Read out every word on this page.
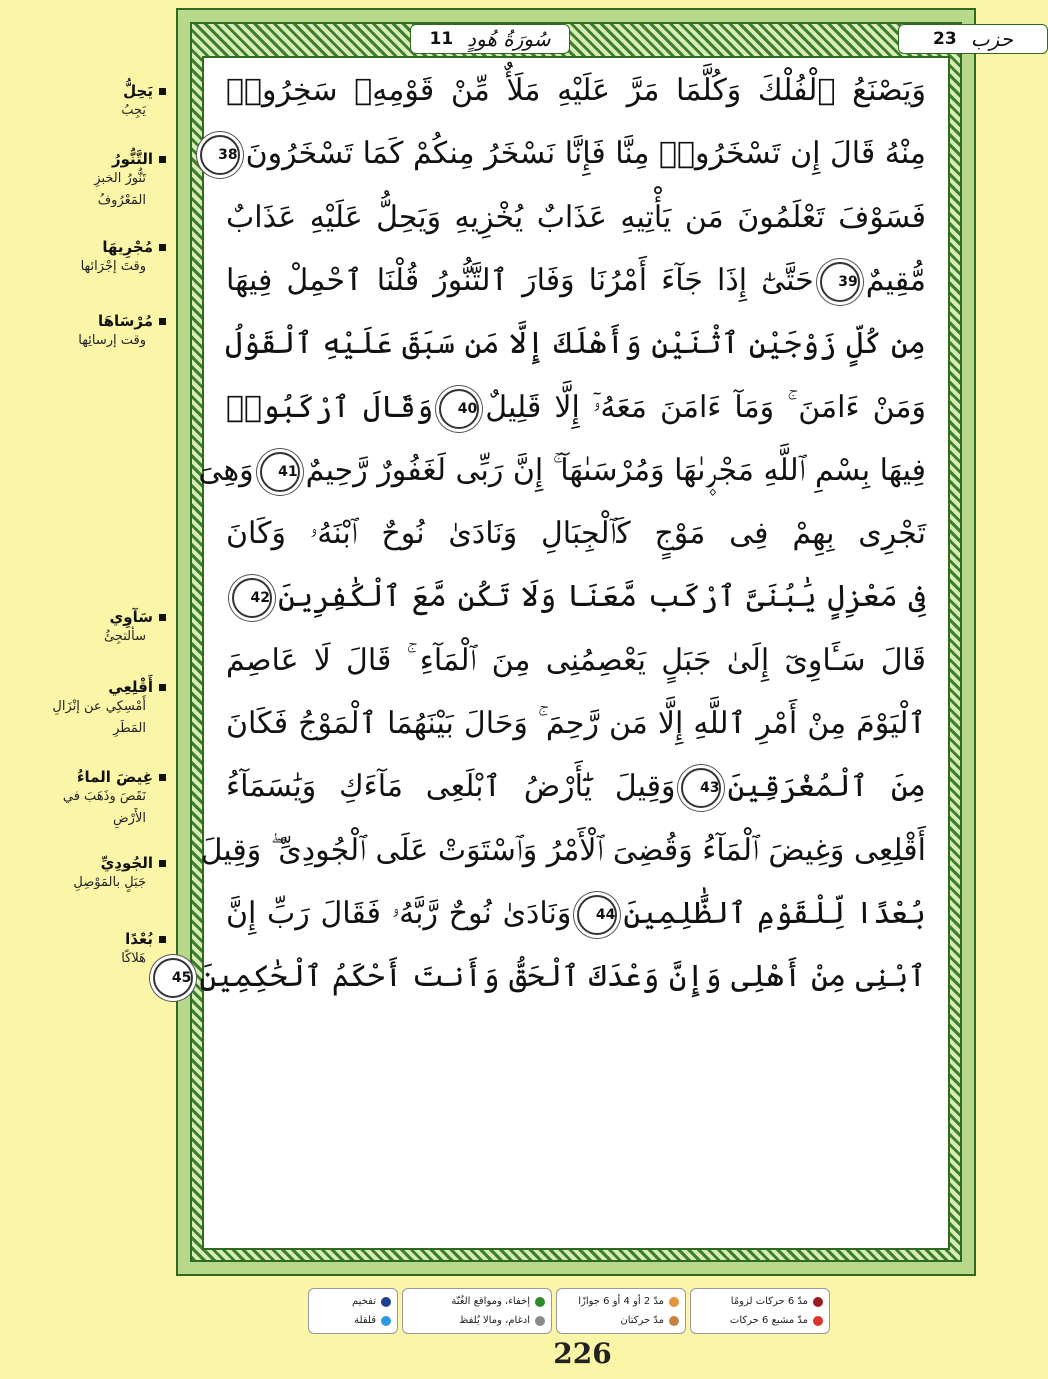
يَحِلُّ
يَجِبُ
التَّنُّورُ
تَنُّورُ الخبزِ
المَعْرُوفُ
مُجْرِيهَا
وقتَ إجْرَائها
مُرْسَاهَا
وقت إرسائِها
سَآوِي
سألتجِئُ
أَقْلِعِي
أَمْسِكِي عن إنْزَالِ
المَطَرِ
غِيضَ الماءُ
نَقَصَ وذَهَبَ في
الأَرْضِ
الجُودِيِّ
جَبَلٍ بالمَوْصِلِ
بُعْدًا
هَلاكًا
وَيَصْنَعُ ٱلْفُلْكَ وَكُلَّمَا مَرَّ عَلَيْهِ مَلَأٌ مِّنْ قَوْمِهِۦ سَخِرُوا۟
مِنْهُ قَالَ إِن تَسْخَرُوا۟ مِنَّا فَإِنَّا نَسْخَرُ مِنكُمْ كَمَا تَسْخَرُونَ38
فَسَوْفَ تَعْلَمُونَ مَن يَأْتِيهِ عَذَابٌ يُخْزِيهِ وَيَحِلُّ عَلَيْهِ عَذَابٌ
مُّقِيمٌ39حَتَّىٰٓ إِذَا جَآءَ أَمْرُنَا وَفَارَ ٱلتَّنُّورُ قُلْنَا ٱحْمِلْ فِيهَا
مِن كُلٍّ زَوْجَيْنِ ٱثْنَيْنِ وَأَهْلَكَ إِلَّا مَن سَبَقَ عَلَيْهِ ٱلْقَوْلُ
وَمَنْ ءَامَنَ ۚ وَمَآ ءَامَنَ مَعَهُۥٓ إِلَّا قَلِيلٌ40وَقَالَ ٱرْكَبُوا۟
فِيهَا بِسْمِ ٱللَّهِ مَجْر۪ىٰهَا وَمُرْسَىٰهَآ ۚ إِنَّ رَبِّى لَغَفُورٌ رَّحِيمٌ41وَهِىَ
تَجْرِى بِهِمْ فِى مَوْجٍ كَٱلْجِبَالِ وَنَادَىٰ نُوحٌ ٱبْنَهُۥ وَكَانَ
فِى مَعْزِلٍ يَٰبُنَىَّ ٱرْكَب مَّعَنَا وَلَا تَكُن مَّعَ ٱلْكَٰفِرِينَ42
قَالَ سَـَٔاوِىٓ إِلَىٰ جَبَلٍ يَعْصِمُنِى مِنَ ٱلْمَآءِ ۚ قَالَ لَا عَاصِمَ
ٱلْيَوْمَ مِنْ أَمْرِ ٱللَّهِ إِلَّا مَن رَّحِمَ ۚ وَحَالَ بَيْنَهُمَا ٱلْمَوْجُ فَكَانَ
مِنَ ٱلْمُغْرَقِينَ43وَقِيلَ يَٰٓأَرْضُ ٱبْلَعِى مَآءَكِ وَيَٰسَمَآءُ
أَقْلِعِى وَغِيضَ ٱلْمَآءُ وَقُضِىَ ٱلْأَمْرُ وَٱسْتَوَتْ عَلَى ٱلْجُودِىِّ ۖ وَقِيلَ
بُعْدًا لِّلْقَوْمِ ٱلظَّٰلِمِينَ44وَنَادَىٰ نُوحٌ رَّبَّهُۥ فَقَالَ رَبِّ إِنَّ
ٱبْنِى مِنْ أَهْلِى وَإِنَّ وَعْدَكَ ٱلْحَقُّ وَأَنتَ أَحْكَمُ ٱلْحَٰكِمِينَ45
سُورَةُ هُودٍ
11	حزب
23
مدّ 6 حركات لزومًا
مدّ مشبع 6 حركات
مدّ 2 أو 4 أو 6 جوازًا
مدّ حركتان
إخفاء، ومواقع الغُنّة
ادغام، ومالا يُلفظ
تفخيم
قلقلة
226
